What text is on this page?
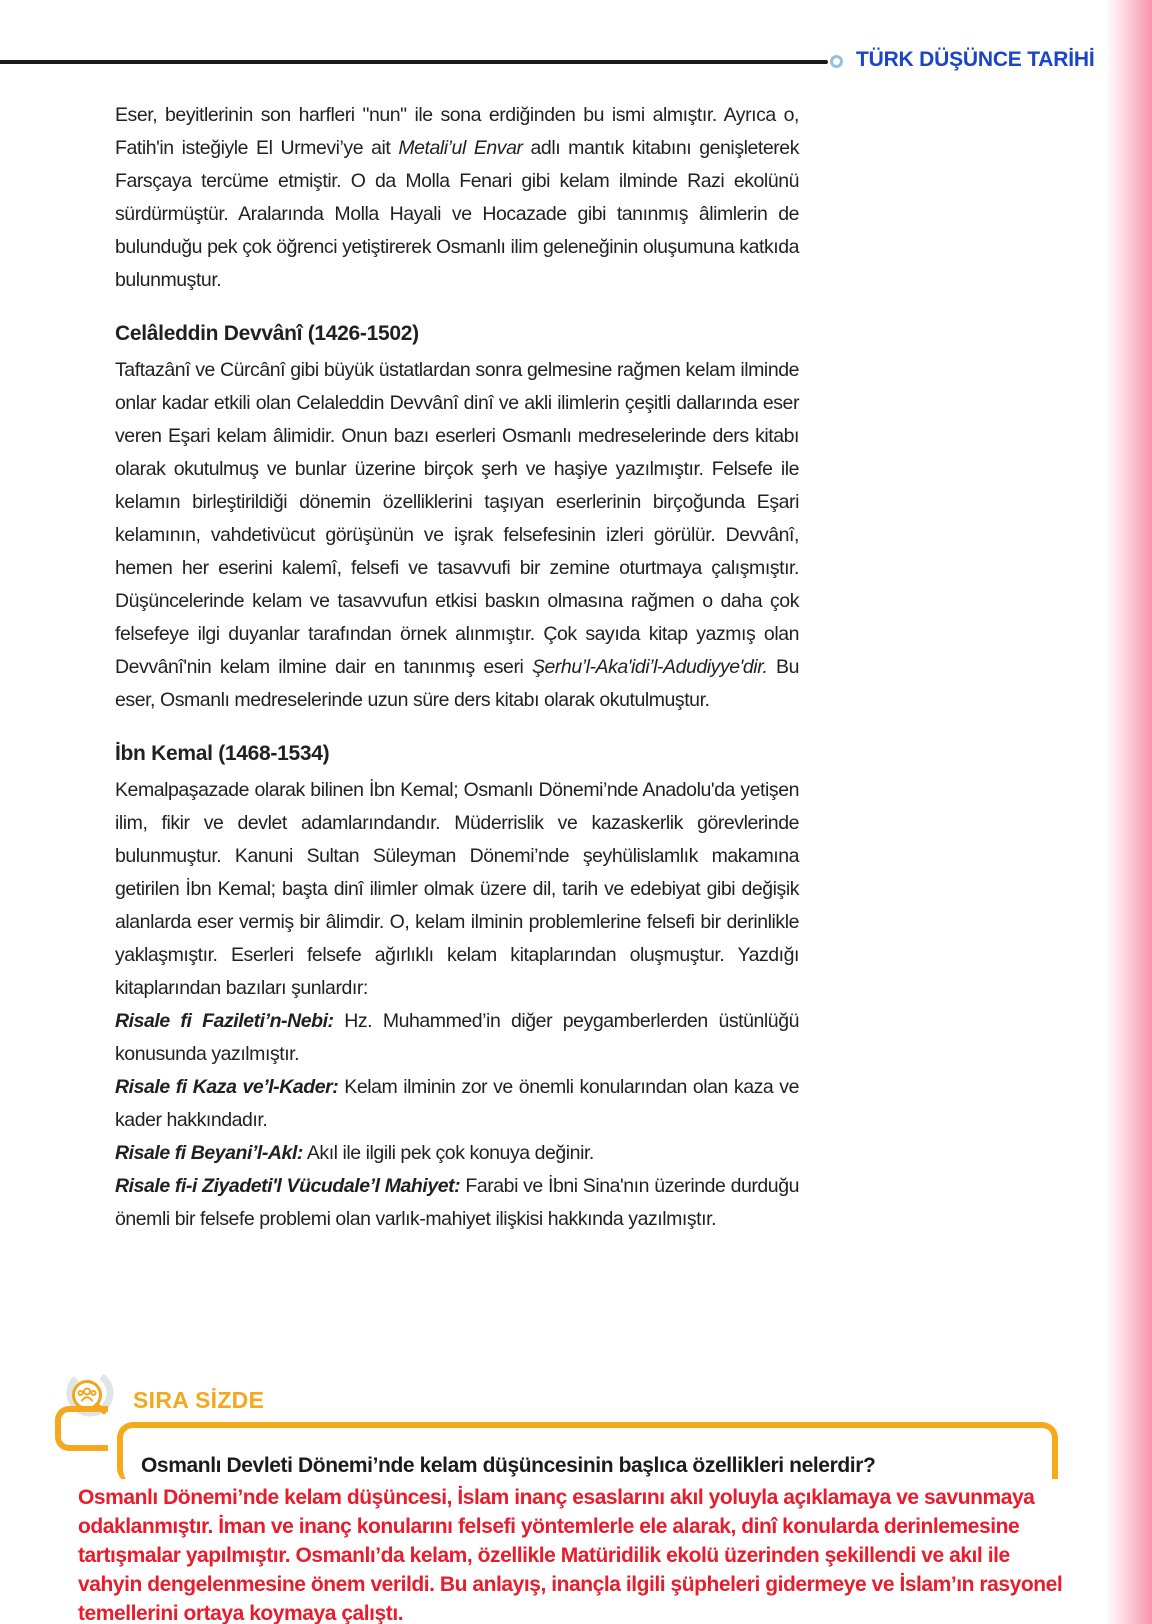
TÜRK DÜŞÜNCE TARİHİ

Eser, beyitlerinin son harfleri "nun" ile sona erdiğinden bu ismi almıştır. Ayrıca o, Fatih'in isteğiyle El Urmevi’ye ait Metali’ul Envar adlı mantık kitabını genişleterek Farsçaya tercüme etmiştir. O da Molla Fenari gibi kelam ilminde Razi ekolünü sürdürmüştür. Aralarında Molla Hayali ve Hocazade gibi tanınmış âlimlerin de bulunduğu pek çok öğrenci yetiştirerek Osmanlı ilim geleneğinin oluşumuna katkıda bulunmuştur.

Celâleddin Devvânî (1426-1502)

Taftazânî ve Cürcânî gibi büyük üstatlardan sonra gelmesine rağmen kelam ilminde onlar kadar etkili olan Celaleddin Devvânî dinî ve akli ilimlerin çeşitli dallarında eser veren Eşari kelam âlimidir. Onun bazı eserleri Osmanlı medreselerinde ders kitabı olarak okutulmuş ve bunlar üzerine birçok şerh ve haşiye yazılmıştır. Felsefe ile kelamın birleştirildiği dönemin özelliklerini taşıyan eserlerinin birçoğunda Eşari kelamının, vahdetivücut görüşünün ve işrak felsefesinin izleri görülür. Devvânî, hemen her eserini kalemî, felsefi ve tasavvufi bir zemine oturtmaya çalışmıştır. Düşüncelerinde kelam ve tasavvufun etkisi baskın olmasına rağmen o daha çok felsefeye ilgi duyanlar tarafından örnek alınmıştır. Çok sayıda kitap yazmış olan Devvânî'nin kelam ilmine dair en tanınmış eseri Şerhu’l-Aka'idi’l-Adudiyye'dir. Bu eser, Osmanlı medreselerinde uzun süre ders kitabı olarak okutulmuştur.

İbn Kemal (1468-1534)

Kemalpaşazade olarak bilinen İbn Kemal; Osmanlı Dönemi’nde Anadolu'da yetişen ilim, fikir ve devlet adamlarındandır. Müderrislik ve kazaskerlik görevlerinde bulunmuştur. Kanuni Sultan Süleyman Dönemi’nde şeyhülislamlık makamına getirilen İbn Kemal; başta dinî ilimler olmak üzere dil, tarih ve edebiyat gibi değişik alanlarda eser vermiş bir âlimdir. O, kelam ilminin problemlerine felsefi bir derinlikle yaklaşmıştır. Eserleri felsefe ağırlıklı kelam kitaplarından oluşmuştur. Yazdığı kitaplarından bazıları şunlardır:

Risale fi Fazileti’n-Nebi: Hz. Muhammed’in diğer peygamberlerden üstünlüğü konusunda yazılmıştır.

Risale fi Kaza ve’l-Kader: Kelam ilminin zor ve önemli konularından olan kaza ve kader hakkındadır.

Risale fi Beyani’l-Akl: Akıl ile ilgili pek çok konuya değinir.

Risale fi-i Ziyadeti'l Vücudale’l Mahiyet: Farabi ve İbni Sina'nın üzerinde durduğu önemli bir felsefe problemi olan varlık-mahiyet ilişkisi hakkında yazılmıştır.

SIRA SİZDE

Osmanlı Devleti Dönemi’nde kelam düşüncesinin başlıca özellikleri nelerdir?

Osmanlı Dönemi’nde kelam düşüncesi, İslam inanç esaslarını akıl yoluyla açıklamaya ve savunmaya odaklanmıştır. İman ve inanç konularını felsefi yöntemlerle ele alarak, dinî konularda derinlemesine tartışmalar yapılmıştır. Osmanlı’da kelam, özellikle Matüridilik ekolü üzerinden şekillendi ve akıl ile vahyin dengelenmesine önem verildi. Bu anlayış, inançla ilgili şüpheleri gidermeye ve İslam’ın rasyonel temellerini ortaya koymaya çalıştı.
